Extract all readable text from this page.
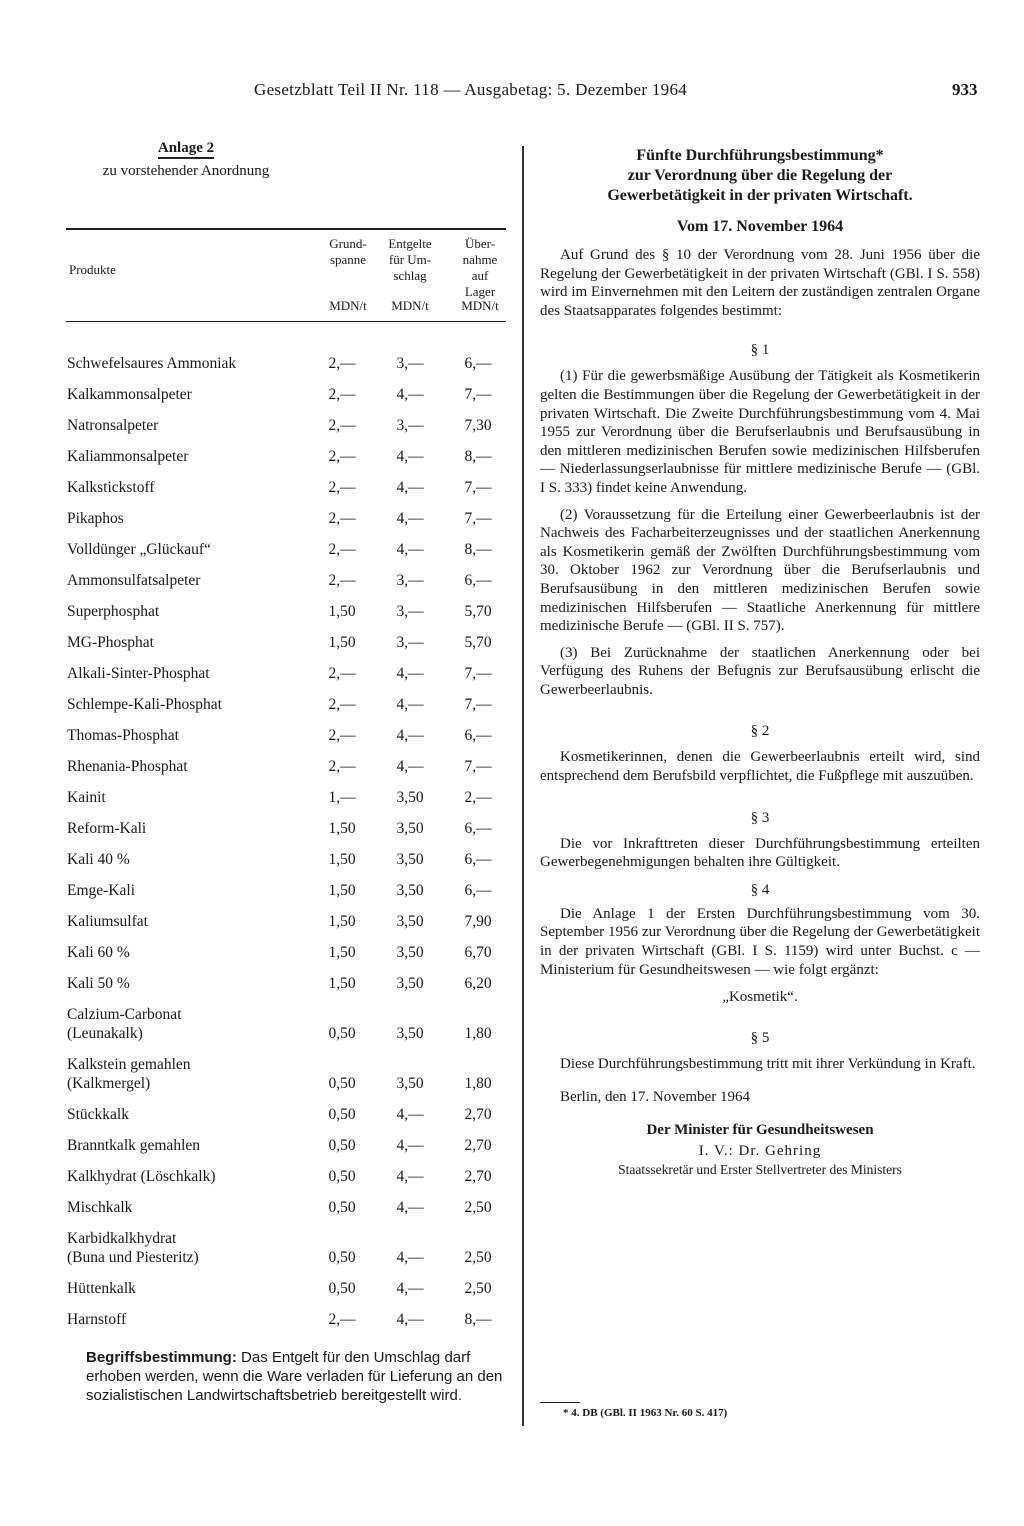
Gesetzblatt Teil II Nr. 118 — Ausgabetag: 5. Dezember 1964	933
Anlage 2
zu vorstehender Anordnung
Produkte
Grund-
spanne
Entgelte
für Um-
schlag
Über-
nahme
auf
Lager
MDN/t	MDN/t	MDN/t
Schwefelsaures Ammoniak	2,—	3,—	6,—
Kalkammonsalpeter	2,—	4,—	7,—
Natronsalpeter	2,—	3,—	7,30
Kaliammonsalpeter	2,—	4,—	8,—
Kalkstickstoff	2,—	4,—	7,—
Pikaphos	2,—	4,—	7,—
Volldünger „Glückauf“	2,—	4,—	8,—
Ammonsulfatsalpeter	2,—	3,—	6,—
Superphosphat	1,50	3,—	5,70
MG-Phosphat	1,50	3,—	5,70
Alkali-Sinter-Phosphat	2,—	4,—	7,—
Schlempe-Kali-Phosphat	2,—	4,—	7,—
Thomas-Phosphat	2,—	4,—	6,—
Rhenania-Phosphat	2,—	4,—	7,—
Kainit	1,—	3,50	2,—
Reform-Kali	1,50	3,50	6,—
Kali 40 %	1,50	3,50	6,—
Emge-Kali	1,50	3,50	6,—
Kaliumsulfat	1,50	3,50	7,90
Kali 60 %	1,50	3,50	6,70
Kali 50 %	1,50	3,50	6,20
Calzium-Carbonat
(Leunakalk)	0,50	3,50	1,80
Kalkstein gemahlen
(Kalkmergel)	0,50	3,50	1,80
Stückkalk	0,50	4,—	2,70
Branntkalk gemahlen	0,50	4,—	2,70
Kalkhydrat (Löschkalk)	0,50	4,—	2,70
Mischkalk	0,50	4,—	2,50
Karbidkalkhydrat
(Buna und Piesteritz)	0,50	4,—	2,50
Hüttenkalk	0,50	4,—	2,50
Harnstoff	2,—	4,—	8,—
Begriffsbestimmung: Das Entgelt für den Umschlag darf erhoben werden, wenn die Ware verladen für Lieferung an den sozialistischen Landwirtschaftsbetrieb bereitgestellt wird.
Fünfte Durchführungsbestimmung*
zur Verordnung über die Regelung der
Gewerbetätigkeit in der privaten Wirtschaft.
Vom 17. November 1964

Auf Grund des § 10 der Verordnung vom 28. Juni 1956 über die Regelung der Gewerbetätigkeit in der privaten Wirtschaft (GBl. I S. 558) wird im Einvernehmen mit den Leitern der zuständigen zentralen Organe des Staatsapparates folgendes bestimmt:

§ 1

(1) Für die gewerbsmäßige Ausübung der Tätigkeit als Kosmetikerin gelten die Bestimmungen über die Regelung der Gewerbetätigkeit in der privaten Wirtschaft. Die Zweite Durchführungsbestimmung vom 4. Mai 1955 zur Verordnung über die Berufserlaubnis und Berufsausübung in den mittleren medizinischen Berufen sowie medizinischen Hilfsberufen — Niederlassungserlaubnisse für mittlere medizinische Berufe — (GBl. I S. 333) findet keine Anwendung.

(2) Voraussetzung für die Erteilung einer Gewerbeerlaubnis ist der Nachweis des Facharbeiterzeugnisses und der staatlichen Anerkennung als Kosmetikerin gemäß der Zwölften Durchführungsbestimmung vom 30. Oktober 1962 zur Verordnung über die Berufserlaubnis und Berufsausübung in den mittleren medizinischen Berufen sowie medizinischen Hilfsberufen — Staatliche Anerkennung für mittlere medizinische Berufe — (GBl. II S. 757).

(3) Bei Zurücknahme der staatlichen Anerkennung oder bei Verfügung des Ruhens der Befugnis zur Berufsausübung erlischt die Gewerbeerlaubnis.

§ 2

Kosmetikerinnen, denen die Gewerbeerlaubnis erteilt wird, sind entsprechend dem Berufsbild verpflichtet, die Fußpflege mit auszuüben.

§ 3

Die vor Inkrafttreten dieser Durchführungsbestimmung erteilten Gewerbegenehmigungen behalten ihre Gültigkeit.

§ 4

Die Anlage 1 der Ersten Durchführungsbestimmung vom 30. September 1956 zur Verordnung über die Regelung der Gewerbetätigkeit in der privaten Wirtschaft (GBl. I S. 1159) wird unter Buchst. c — Ministerium für Gesundheitswesen — wie folgt ergänzt:

„Kosmetik“.
§ 5

Diese Durchführungsbestimmung tritt mit ihrer Verkündung in Kraft.

Berlin, den 17. November 1964

Der Minister für Gesundheitswesen
I. V.: Dr. Gehring
Staatssekretär und Erster Stellvertreter des Ministers
* 4. DB (GBl. II 1963 Nr. 60 S. 417)
